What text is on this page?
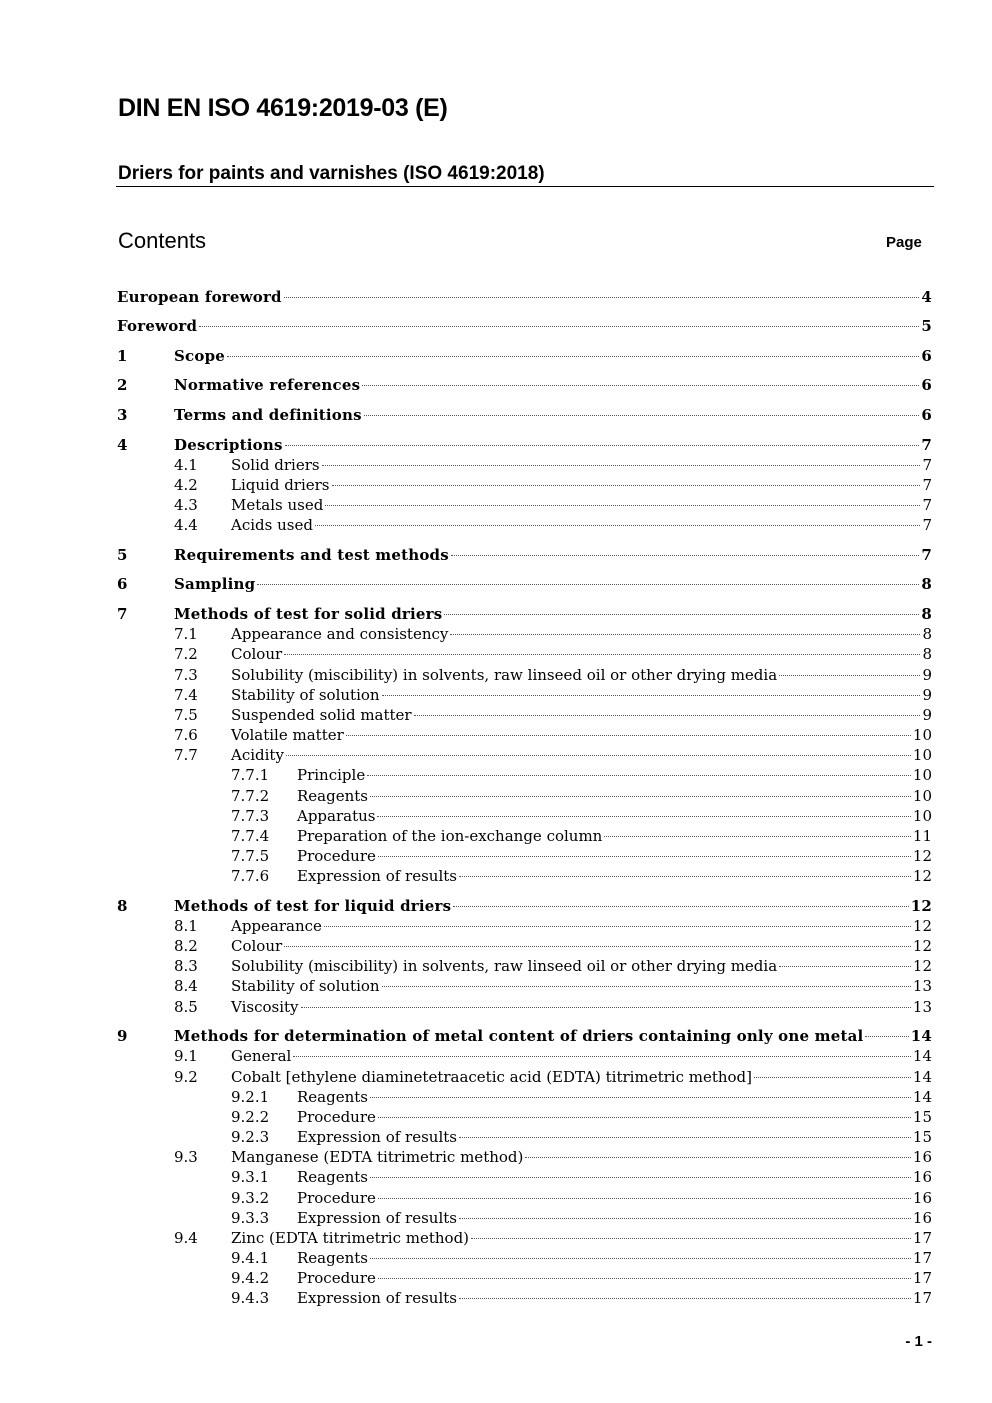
DIN EN ISO 4619:2019-03 (E)
Driers for paints and varnishes (ISO 4619:2018)
Contents	Page
European foreword	4
Foreword	5
1	Scope	6
2	Normative references	6
3	Terms and definitions	6
4	Descriptions	7
4.1 Solid driers	7
4.2 Liquid driers	7
4.3 Metals used	7
4.4 Acids used	7
5	Requirements and test methods	7
6	Sampling	8
7	Methods of test for solid driers	8
7.1 Appearance and consistency	8
7.2 Colour	8
7.3 Solubility (miscibility) in solvents, raw linseed oil or other drying media	9
7.4 Stability of solution	9
7.5 Suspended solid matter	9
7.6 Volatile matter	10
7.7 Acidity	10
7.7.1 Principle	10
7.7.2 Reagents	10
7.7.3 Apparatus	10
7.7.4 Preparation of the ion-exchange column	11
7.7.5 Procedure	12
7.7.6 Expression of results	12
8	Methods of test for liquid driers	12
8.1 Appearance	12
8.2 Colour	12
8.3 Solubility (miscibility) in solvents, raw linseed oil or other drying media	12
8.4 Stability of solution	13
8.5 Viscosity	13
9	Methods for determination of metal content of driers containing only one metal	14
9.1 General	14
9.2 Cobalt [ethylene diaminetetraacetic acid (EDTA) titrimetric method]	14
9.2.1 Reagents	14
9.2.2 Procedure	15
9.2.3 Expression of results	15
9.3 Manganese (EDTA titrimetric method)	16
9.3.1 Reagents	16
9.3.2 Procedure	16
9.3.3 Expression of results	16
9.4 Zinc (EDTA titrimetric method)	17
9.4.1 Reagents	17
9.4.2 Procedure	17
9.4.3 Expression of results	17
- 1 -
